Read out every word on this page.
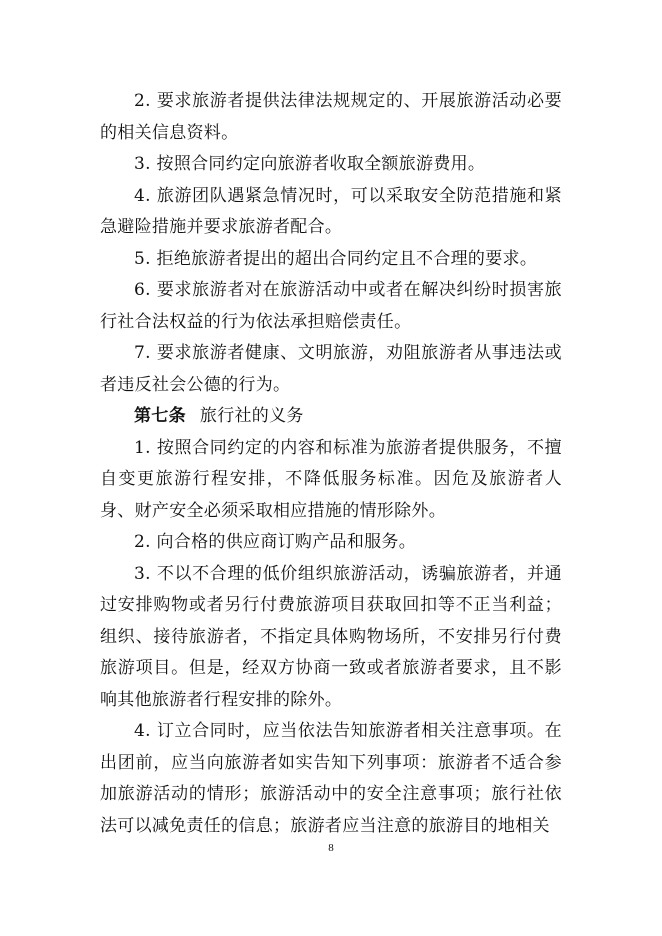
2. 要求旅游者提供法律法规规定的、开展旅游活动必要的相关信息资料。

3. 按照合同约定向旅游者收取全额旅游费用。

4. 旅游团队遇紧急情况时，可以采取安全防范措施和紧急避险措施并要求旅游者配合。

5. 拒绝旅游者提出的超出合同约定且不合理的要求。

6. 要求旅游者对在旅游活动中或者在解决纠纷时损害旅行社合法权益的行为依法承担赔偿责任。

7. 要求旅游者健康、文明旅游，劝阻旅游者从事违法或者违反社会公德的行为。

第七条 旅行社的义务

1. 按照合同约定的内容和标准为旅游者提供服务，不擅自变更旅游行程安排，不降低服务标准。因危及旅游者人身、财产安全必须采取相应措施的情形除外。

2. 向合格的供应商订购产品和服务。

3. 不以不合理的低价组织旅游活动，诱骗旅游者，并通过安排购物或者另行付费旅游项目获取回扣等不正当利益；组织、接待旅游者，不指定具体购物场所，不安排另行付费旅游项目。但是，经双方协商一致或者旅游者要求，且不影响其他旅游者行程安排的除外。

4. 订立合同时，应当依法告知旅游者相关注意事项。在出团前，应当向旅游者如实告知下列事项：旅游者不适合参加旅游活动的情形；旅游活动中的安全注意事项；旅行社依法可以减免责任的信息；旅游者应当注意的旅游目的地相关

8
